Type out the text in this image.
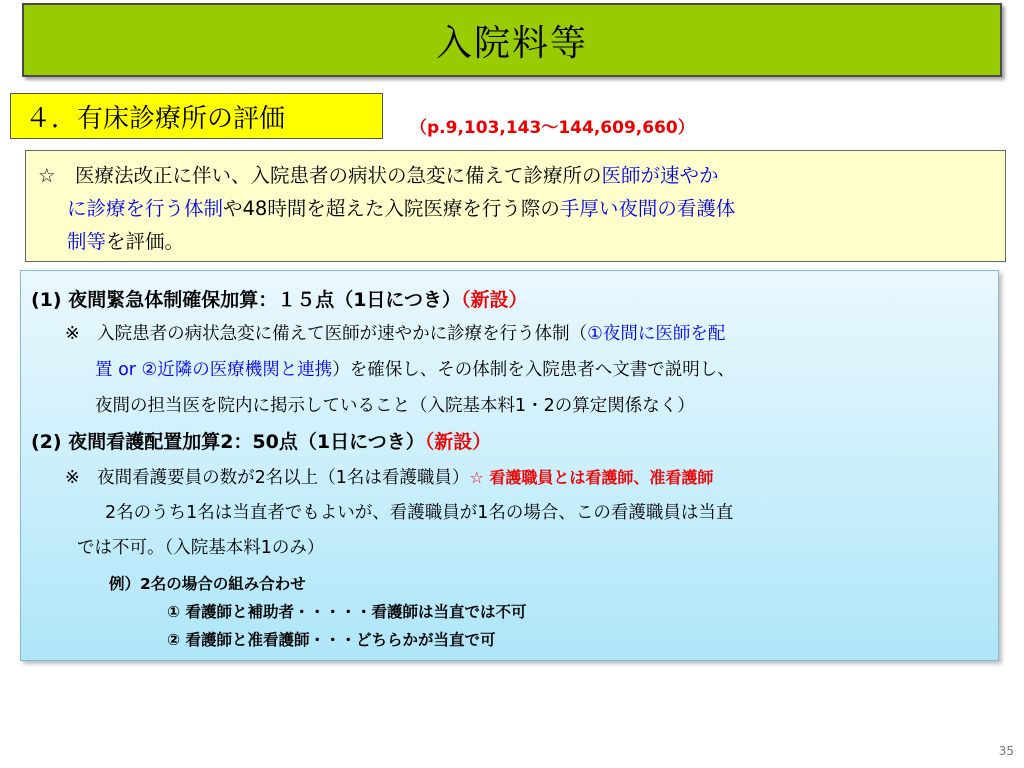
入院料等
４．有床診療所の評価	（p.9,103,143～144,609,660）
☆　医療法改正に伴い、入院患者の病状の急変に備えて診療所の医師が速やか
に診療を行う体制や48時間を超えた入院医療を行う際の手厚い夜間の看護体
制等を評価。
(1) 夜間緊急体制確保加算：１５点（1日につき）（新設）
※　入院患者の病状急変に備えて医師が速やかに診療を行う体制（①夜間に医師を配
置 or ②近隣の医療機関と連携）を確保し、その体制を入院患者へ文書で説明し、
夜間の担当医を院内に掲示していること（入院基本料1・2の算定関係なく）
(2) 夜間看護配置加算2：50点（1日につき）（新設）
※　夜間看護要員の数が2名以上（1名は看護職員）☆ 看護職員とは看護師、准看護師
2名のうち1名は当直者でもよいが、看護職員が1名の場合、この看護職員は当直
では不可。（入院基本料1のみ）
例）2名の場合の組み合わせ
① 看護師と補助者・・・・・看護師は当直では不可
② 看護師と准看護師・・・どちらかが当直で可
35
